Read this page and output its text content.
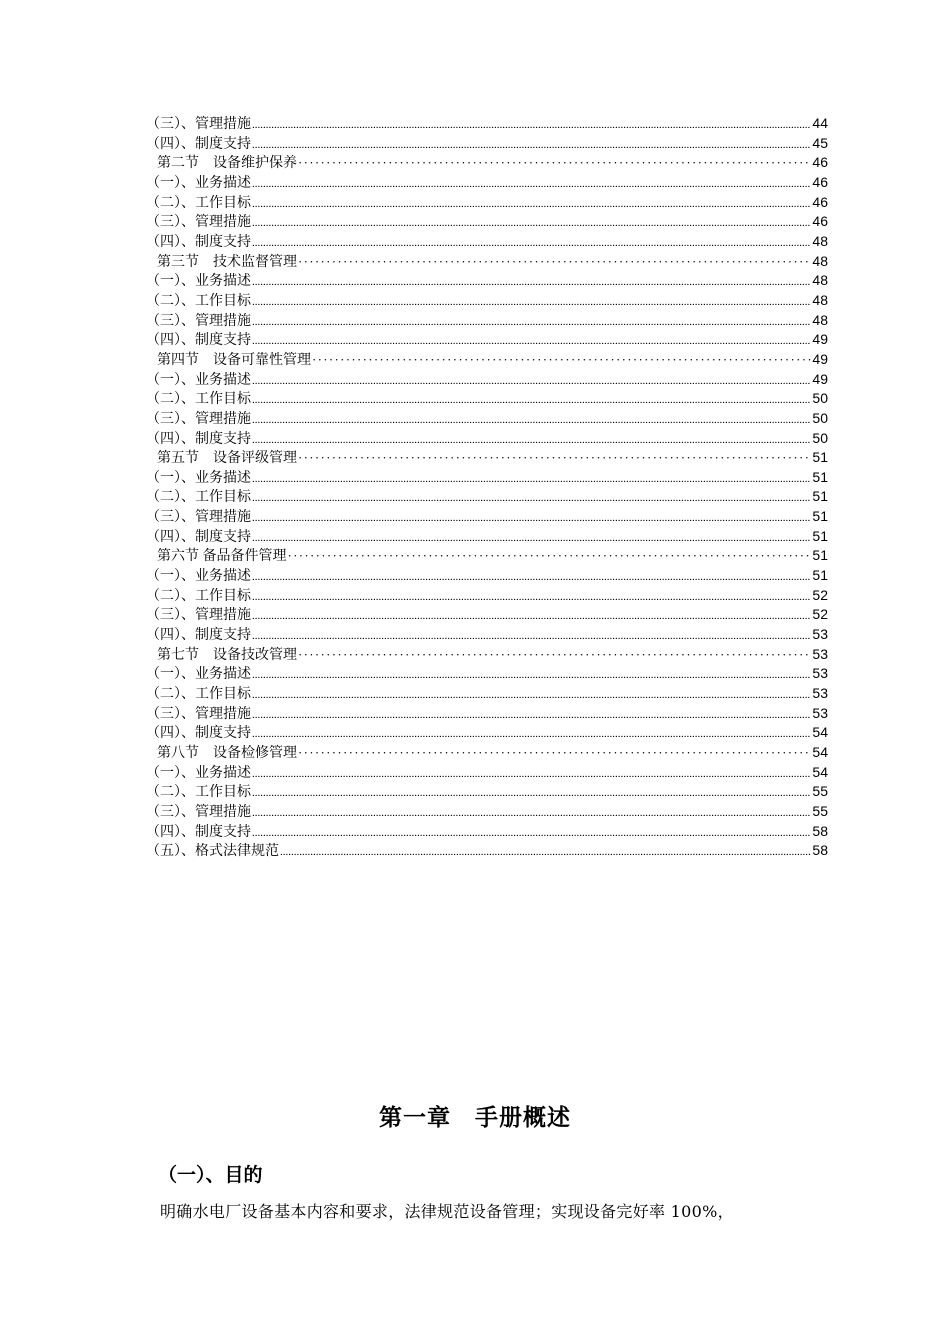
（三）、管理措施 .....	44
（四）、制度支持 .....	45
第二节　设备维护保养 ·····	46
（一）、业务描述 .....	46
（二）、工作目标 .....	46
（三）、管理措施 .....	46
（四）、制度支持 .....	48
第三节　技术监督管理 ·····	48
（一）、业务描述 .....	48
（二）、工作目标 .....	48
（三）、管理措施 .....	48
（四）、制度支持 .....	49
第四节　设备可靠性管理 ·····	49
（一）、业务描述 .....	49
（二）、工作目标 .....	50
（三）、管理措施 .....	50
（四）、制度支持 .....	50
第五节　设备评级管理 ·····	51
（一）、业务描述 .....	51
（二）、工作目标 .....	51
（三）、管理措施 .....	51
（四）、制度支持 .....	51
第六节 备品备件管理 ·····	51
（一）、业务描述 .....	51
（二）、工作目标 .....	52
（三）、管理措施 .....	52
（四）、制度支持 .....	53
第七节　设备技改管理 ·····	53
（一）、业务描述 .....	53
（二）、工作目标 .....	53
（三）、管理措施 .....	53
（四）、制度支持 .....	54
第八节　设备检修管理 ·····	54
（一）、业务描述 .....	54
（二）、工作目标 .....	55
（三）、管理措施 .....	55
（四）、制度支持 .....	58
（五）、格式法律规范 .....	58
第一章　手册概述
（一）、目的
明确水电厂设备基本内容和要求，法律规范设备管理；实现设备完好率 100%，
